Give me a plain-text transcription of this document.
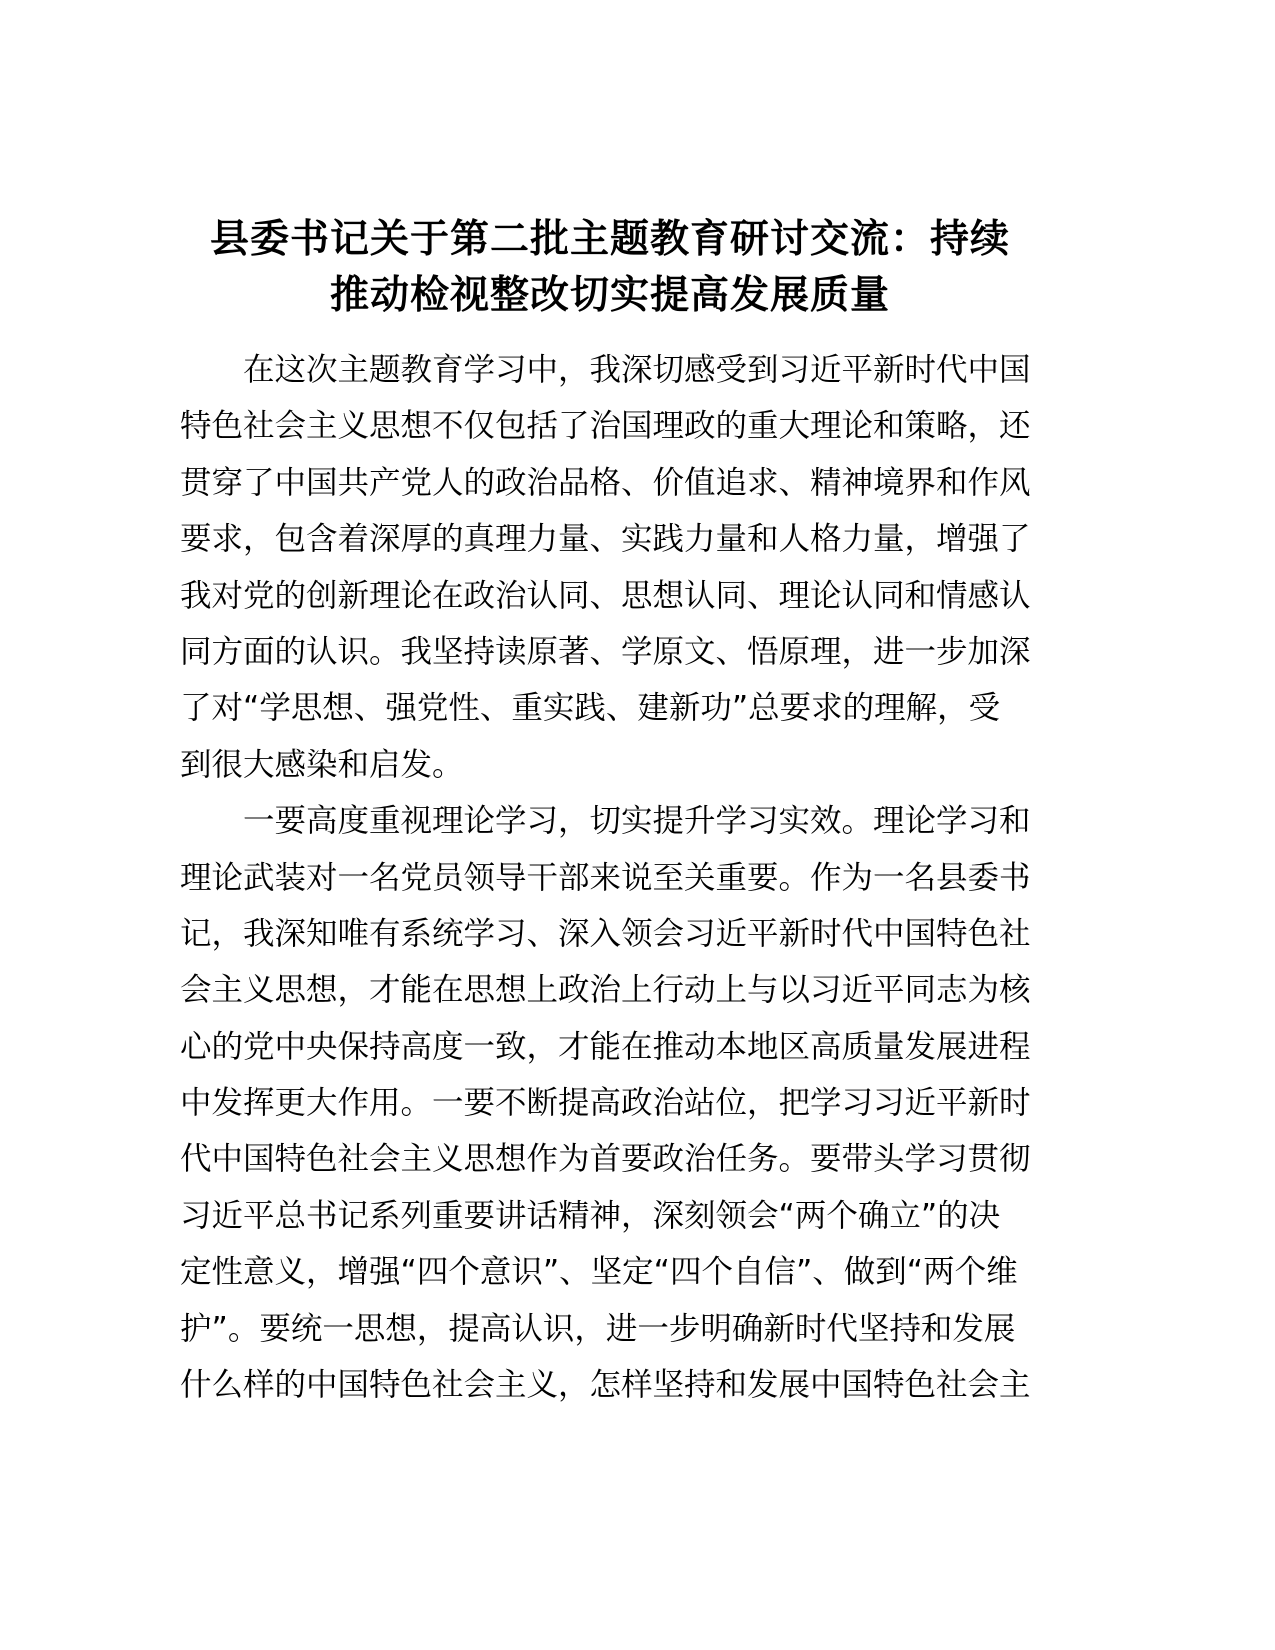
县委书记关于第二批主题教育研讨交流：持续
推动检视整改切实提高发展质量
在这次主题教育学习中，我深切感受到习近平新时代中国
特色社会主义思想不仅包括了治国理政的重大理论和策略，还
贯穿了中国共产党人的政治品格、价值追求、精神境界和作风
要求，包含着深厚的真理力量、实践力量和人格力量，增强了
我对党的创新理论在政治认同、思想认同、理论认同和情感认
同方面的认识。我坚持读原著、学原文、悟原理，进一步加深
了对“学思想、强党性、重实践、建新功”总要求的理解，受
到很大感染和启发。
一要高度重视理论学习，切实提升学习实效。理论学习和
理论武装对一名党员领导干部来说至关重要。作为一名县委书
记，我深知唯有系统学习、深入领会习近平新时代中国特色社
会主义思想，才能在思想上政治上行动上与以习近平同志为核
心的党中央保持高度一致，才能在推动本地区高质量发展进程
中发挥更大作用。一要不断提高政治站位，把学习习近平新时
代中国特色社会主义思想作为首要政治任务。要带头学习贯彻
习近平总书记系列重要讲话精神，深刻领会“两个确立”的决
定性意义，增强“四个意识”、坚定“四个自信”、做到“两个维
护”。要统一思想，提高认识，进一步明确新时代坚持和发展
什么样的中国特色社会主义，怎样坚持和发展中国特色社会主
